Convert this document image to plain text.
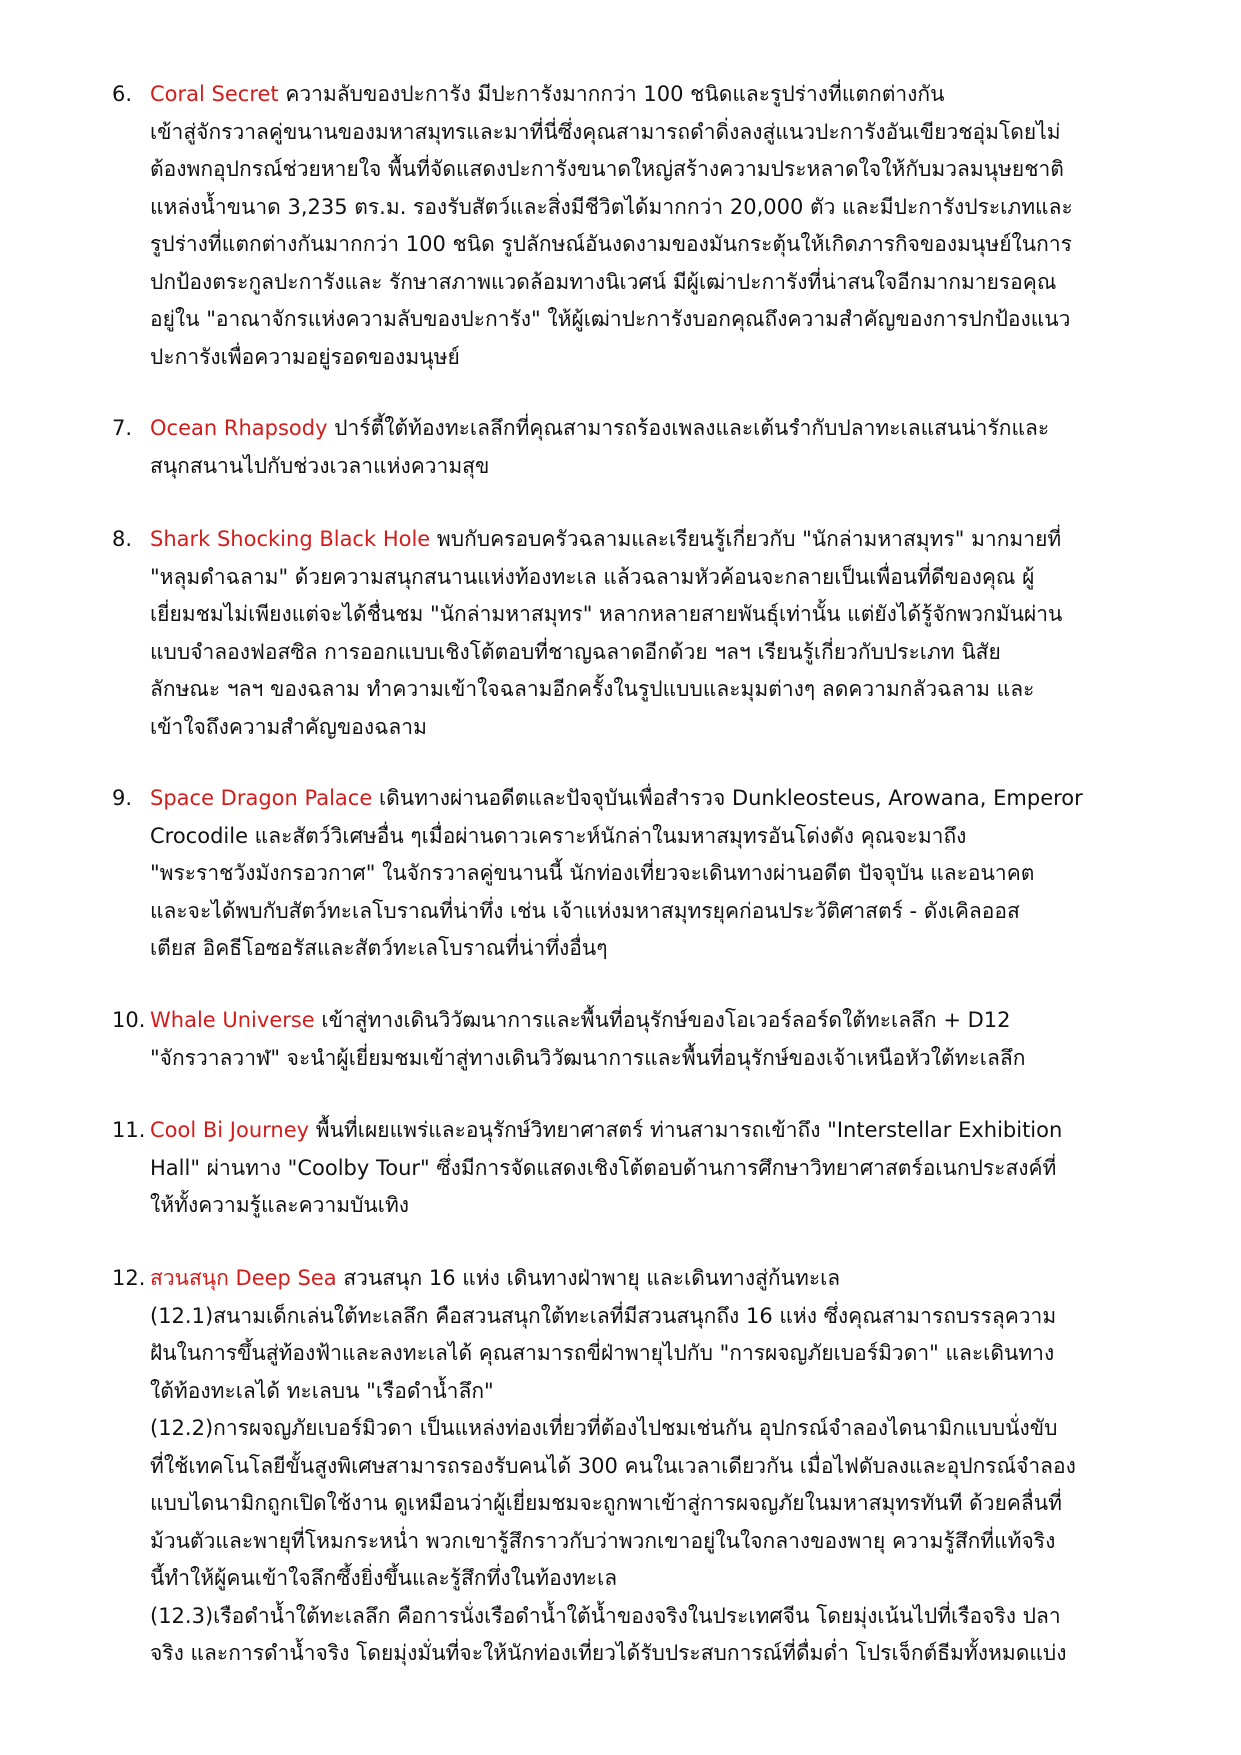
6. Coral Secret ความลับของปะการัง มีปะการังมากกว่า 100 ชนิดและรูปร่างที่แตกต่างกัน
เข้าสู่จักรวาลคู่ขนานของมหาสมุทรและมาที่นี่ซึ่งคุณสามารถดำดิ่งลงสู่แนวปะการังอันเขียวชอุ่มโดยไม่
ต้องพกอุปกรณ์ช่วยหายใจ พื้นที่จัดแสดงปะการังขนาดใหญ่สร้างความประหลาดใจให้กับมวลมนุษยชาติ
แหล่งน้ำขนาด 3,235 ตร.ม. รองรับสัตว์และสิ่งมีชีวิตได้มากกว่า 20,000 ตัว และมีปะการังประเภทและ
รูปร่างที่แตกต่างกันมากกว่า 100 ชนิด รูปลักษณ์อันงดงามของมันกระตุ้นให้เกิดภารกิจของมนุษย์ในการ
ปกป้องตระกูลปะการังและ รักษาสภาพแวดล้อมทางนิเวศน์ มีผู้เฒ่าปะการังที่น่าสนใจอีกมากมายรอคุณ
อยู่ใน "อาณาจักรแห่งความลับของปะการัง" ให้ผู้เฒ่าปะการังบอกคุณถึงความสำคัญของการปกป้องแนว
ปะการังเพื่อความอยู่รอดของมนุษย์
7. Ocean Rhapsody ปาร์ตี้ใต้ท้องทะเลลึกที่คุณสามารถร้องเพลงและเต้นรำกับปลาทะเลแสนน่ารักและ
สนุกสนานไปกับช่วงเวลาแห่งความสุข
8. Shark Shocking Black Hole พบกับครอบครัวฉลามและเรียนรู้เกี่ยวกับ "นักล่ามหาสมุทร" มากมายที่
"หลุมดำฉลาม" ด้วยความสนุกสนานแห่งท้องทะเล แล้วฉลามหัวค้อนจะกลายเป็นเพื่อนที่ดีของคุณ ผู้
เยี่ยมชมไม่เพียงแต่จะได้ชื่นชม "นักล่ามหาสมุทร" หลากหลายสายพันธุ์เท่านั้น แต่ยังได้รู้จักพวกมันผ่าน
แบบจำลองฟอสซิล การออกแบบเชิงโต้ตอบที่ชาญฉลาดอีกด้วย ฯลฯ เรียนรู้เกี่ยวกับประเภท นิสัย
ลักษณะ ฯลฯ ของฉลาม ทำความเข้าใจฉลามอีกครั้งในรูปแบบและมุมต่างๆ ลดความกลัวฉลาม และ
เข้าใจถึงความสำคัญของฉลาม
9. Space Dragon Palace เดินทางผ่านอดีตและปัจจุบันเพื่อสำรวจ Dunkleosteus, Arowana, Emperor
Crocodile และสัตว์วิเศษอื่น ๆเมื่อผ่านดาวเคราะห์นักล่าในมหาสมุทรอันโด่งดัง คุณจะมาถึง
"พระราชวังมังกรอวกาศ" ในจักรวาลคู่ขนานนี้ นักท่องเที่ยวจะเดินทางผ่านอดีต ปัจจุบัน และอนาคต
และจะได้พบกับสัตว์ทะเลโบราณที่น่าทึ่ง เช่น เจ้าแห่งมหาสมุทรยุคก่อนประวัติศาสตร์ - ดังเคิลออส
เตียส อิคธีโอซอรัสและสัตว์ทะเลโบราณที่น่าทึ่งอื่นๆ
10. Whale Universe เข้าสู่ทางเดินวิวัฒนาการและพื้นที่อนุรักษ์ของโอเวอร์ลอร์ดใต้ทะเลลึก + D12
"จักรวาลวาฬ" จะนำผู้เยี่ยมชมเข้าสู่ทางเดินวิวัฒนาการและพื้นที่อนุรักษ์ของเจ้าเหนือหัวใต้ทะเลลึก
11. Cool Bi Journey พื้นที่เผยแพร่และอนุรักษ์วิทยาศาสตร์ ท่านสามารถเข้าถึง "Interstellar Exhibition
Hall" ผ่านทาง "Coolby Tour" ซึ่งมีการจัดแสดงเชิงโต้ตอบด้านการศึกษาวิทยาศาสตร์อเนกประสงค์ที่
ให้ทั้งความรู้และความบันเทิง
12. สวนสนุก Deep Sea สวนสนุก 16 แห่ง เดินทางฝ่าพายุ และเดินทางสู่ก้นทะเล
(12.1)สนามเด็กเล่นใต้ทะเลลึก คือสวนสนุกใต้ทะเลที่มีสวนสนุกถึง 16 แห่ง ซึ่งคุณสามารถบรรลุความ
ฝันในการขึ้นสู่ท้องฟ้าและลงทะเลได้ คุณสามารถขี่ฝ่าพายุไปกับ "การผจญภัยเบอร์มิวดา" และเดินทาง
ใต้ท้องทะเลได้ ทะเลบน "เรือดำน้ำลึก"
(12.2)การผจญภัยเบอร์มิวดา เป็นแหล่งท่องเที่ยวที่ต้องไปชมเช่นกัน อุปกรณ์จำลองไดนามิกแบบนั่งขับ
ที่ใช้เทคโนโลยีขั้นสูงพิเศษสามารถรองรับคนได้ 300 คนในเวลาเดียวกัน เมื่อไฟดับลงและอุปกรณ์จำลอง
แบบไดนามิกถูกเปิดใช้งาน ดูเหมือนว่าผู้เยี่ยมชมจะถูกพาเข้าสู่การผจญภัยในมหาสมุทรทันที ด้วยคลื่นที่
ม้วนตัวและพายุที่โหมกระหน่ำ พวกเขารู้สึกราวกับว่าพวกเขาอยู่ในใจกลางของพายุ ความรู้สึกที่แท้จริง
นี้ทำให้ผู้คนเข้าใจลึกซึ้งยิ่งขึ้นและรู้สึกทึ่งในท้องทะเล
(12.3)เรือดำน้ำใต้ทะเลลึก คือการนั่งเรือดำน้ำใต้น้ำของจริงในประเทศจีน โดยมุ่งเน้นไปที่เรือจริง ปลา
จริง และการดำน้ำจริง โดยมุ่งมั่นที่จะให้นักท่องเที่ยวได้รับประสบการณ์ที่ดื่มด่ำ โปรเจ็กต์ธีมทั้งหมดแบ่ง
